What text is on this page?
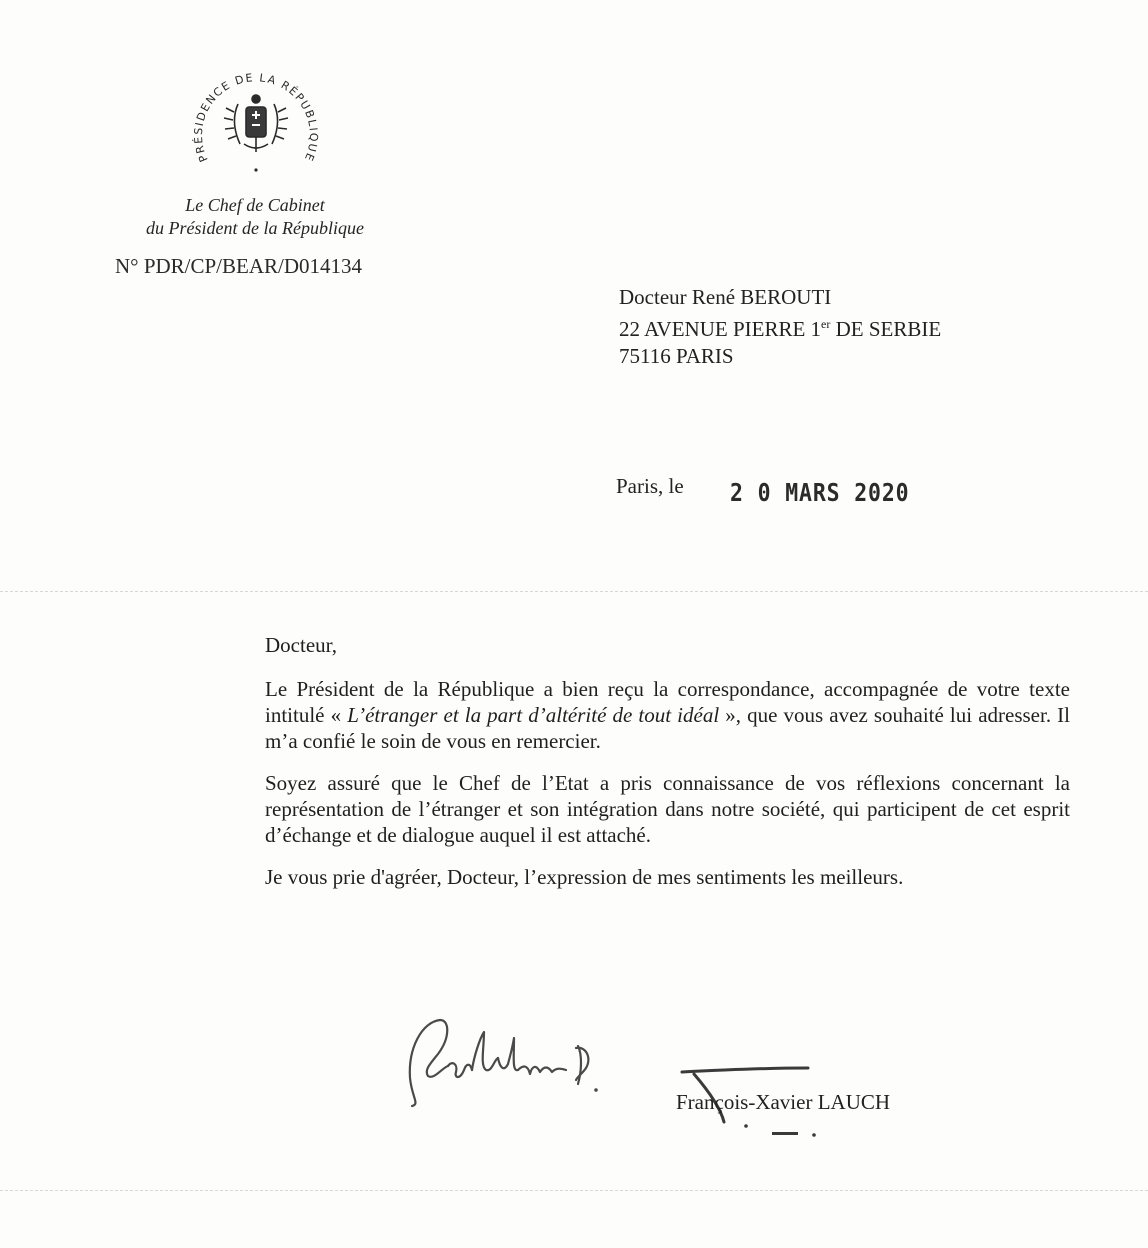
PRÉSIDENCE DE LA RÉPUBLIQUE
Le Chef de Cabinet
du Président de la République
N° PDR/CP/BEAR/D014134
Docteur René BEROUTI
22 AVENUE PIERRE 1er DE SERBIE
75116 PARIS
Paris, le 2 0 MARS 2020

Docteur,

Le Président de la République a bien reçu la correspondance, accompagnée de votre texte intitulé « L’étranger et la part d’altérité de tout idéal », que vous avez souhaité lui adresser. Il m’a confié le soin de vous en remercier.

Soyez assuré que le Chef de l’Etat a pris connaissance de vos réflexions concernant la représentation de l’étranger et son intégration dans notre société, qui participent de cet esprit d’échange et de dialogue auquel il est attaché.

Je vous prie d'agréer, Docteur, l’expression de mes sentiments les meilleurs.

François-Xavier LAUCH
